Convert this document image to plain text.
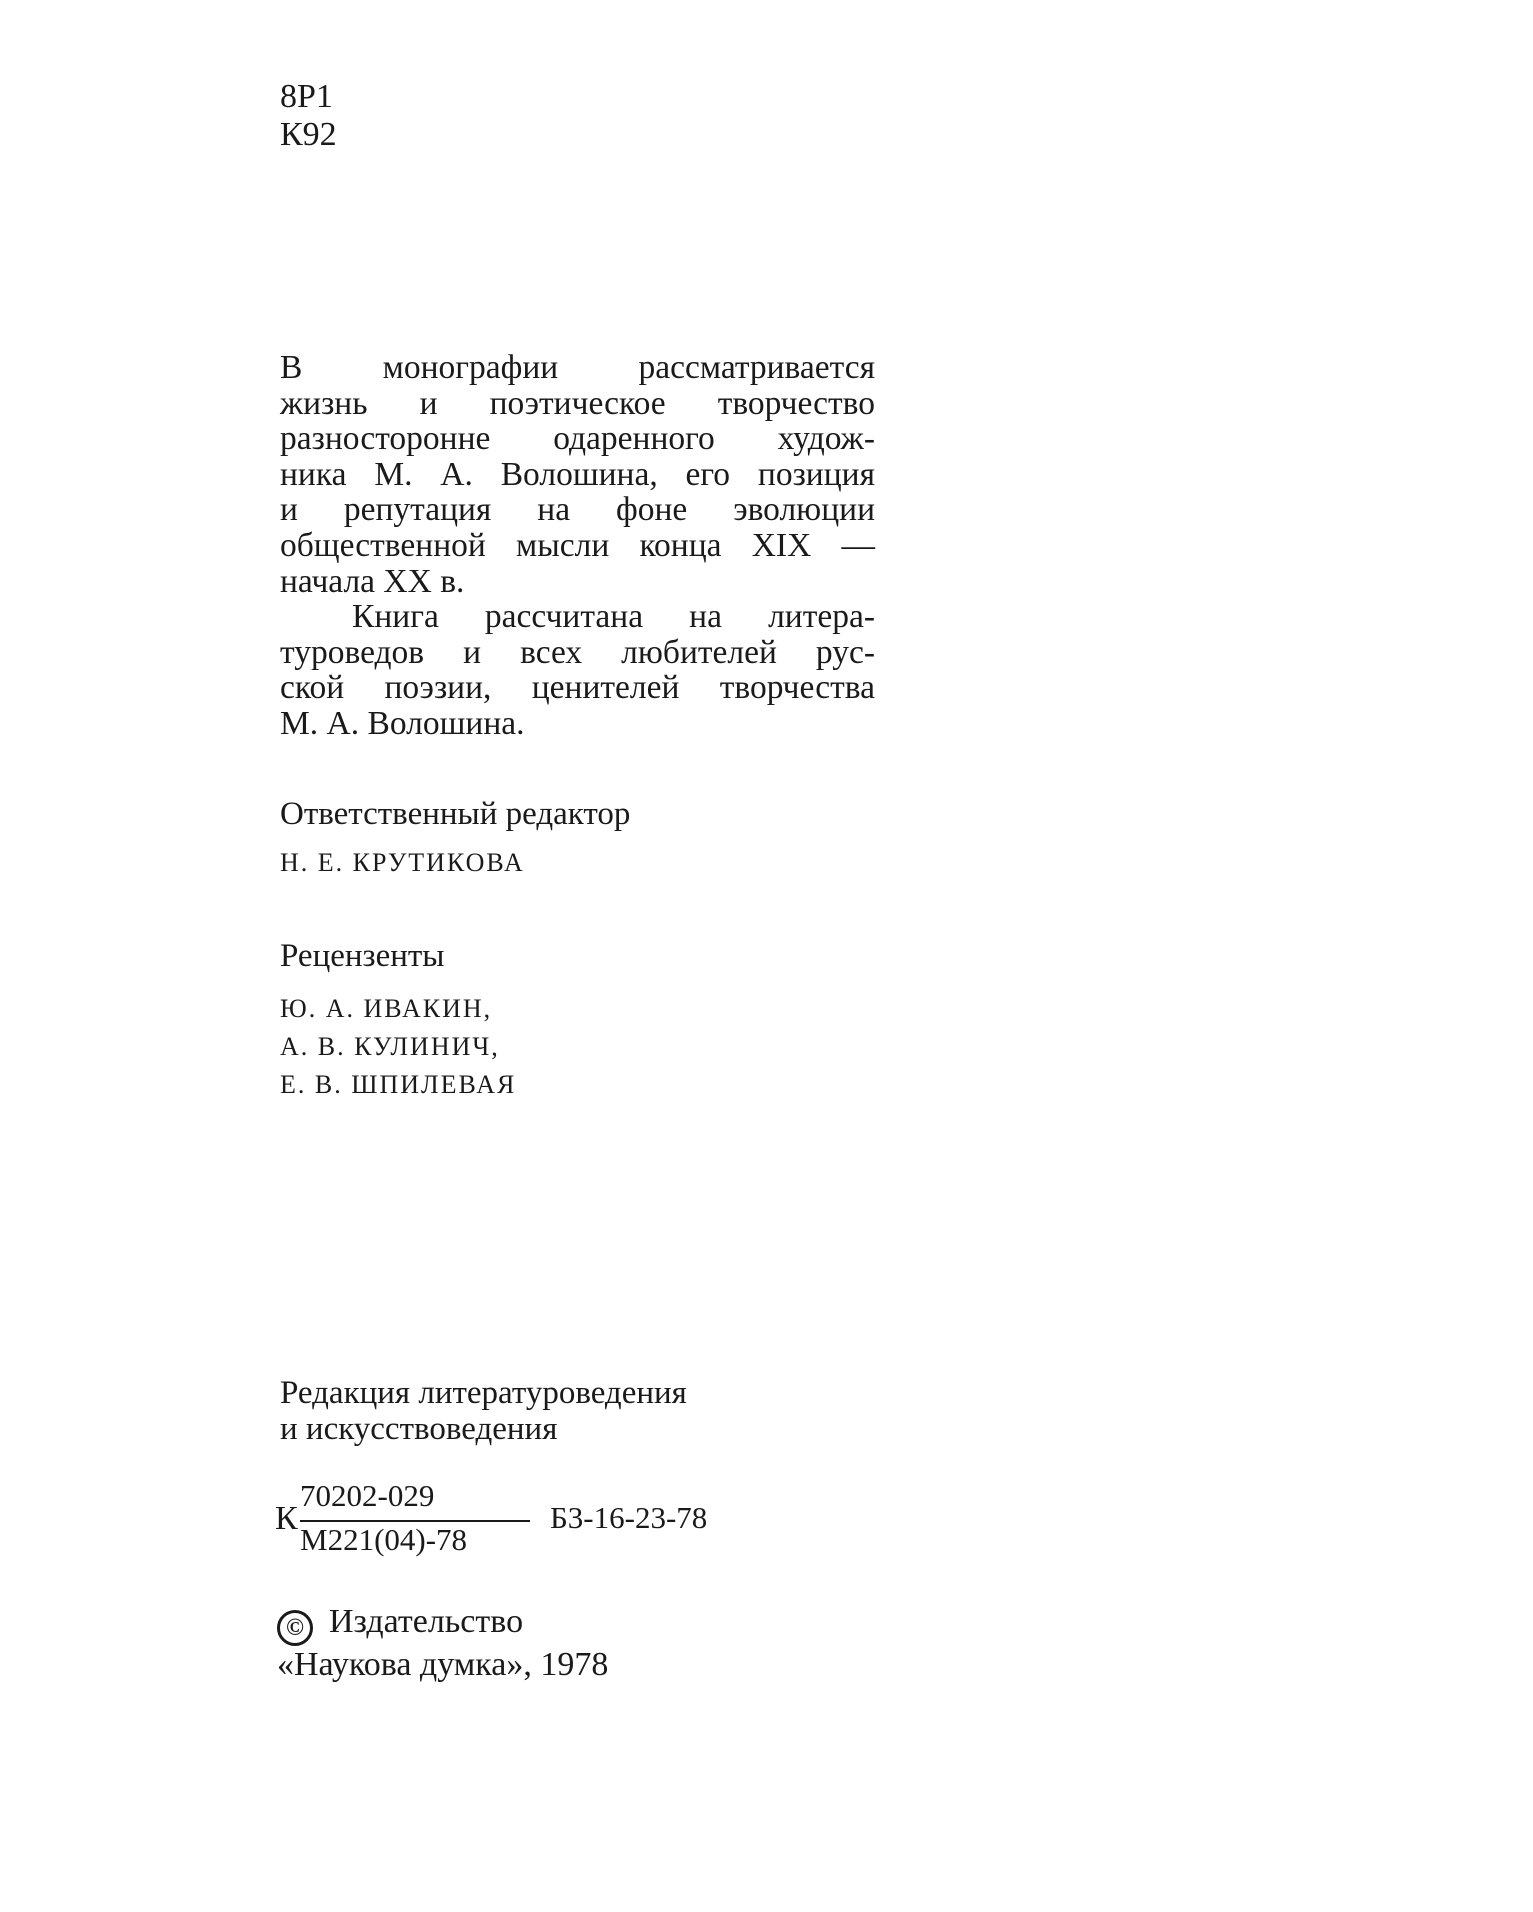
8Р1
К92
В монографии рассматривается
жизнь и поэтическое творчество
разносторонне одаренного худож-
ника М. А. Волошина, его позиция
и репутация на фоне эволюции
общественной мысли конца XIX —
начала XX в.
Книга рассчитана на литера-
туроведов и всех любителей рус-
ской поэзии, ценителей творчества
М. А. Волошина.
Ответственный редактор
Н. Е. КРУТИКОВА
Рецензенты
Ю. А. ИВАКИН,
А. В. КУЛИНИЧ,
Е. В. ШПИЛЕВАЯ
Редакция литературоведения
и искусствоведения
К
70202-029
М221(04)-78
Б3-16-23-78
© Издательство
«Наукова думка», 1978
